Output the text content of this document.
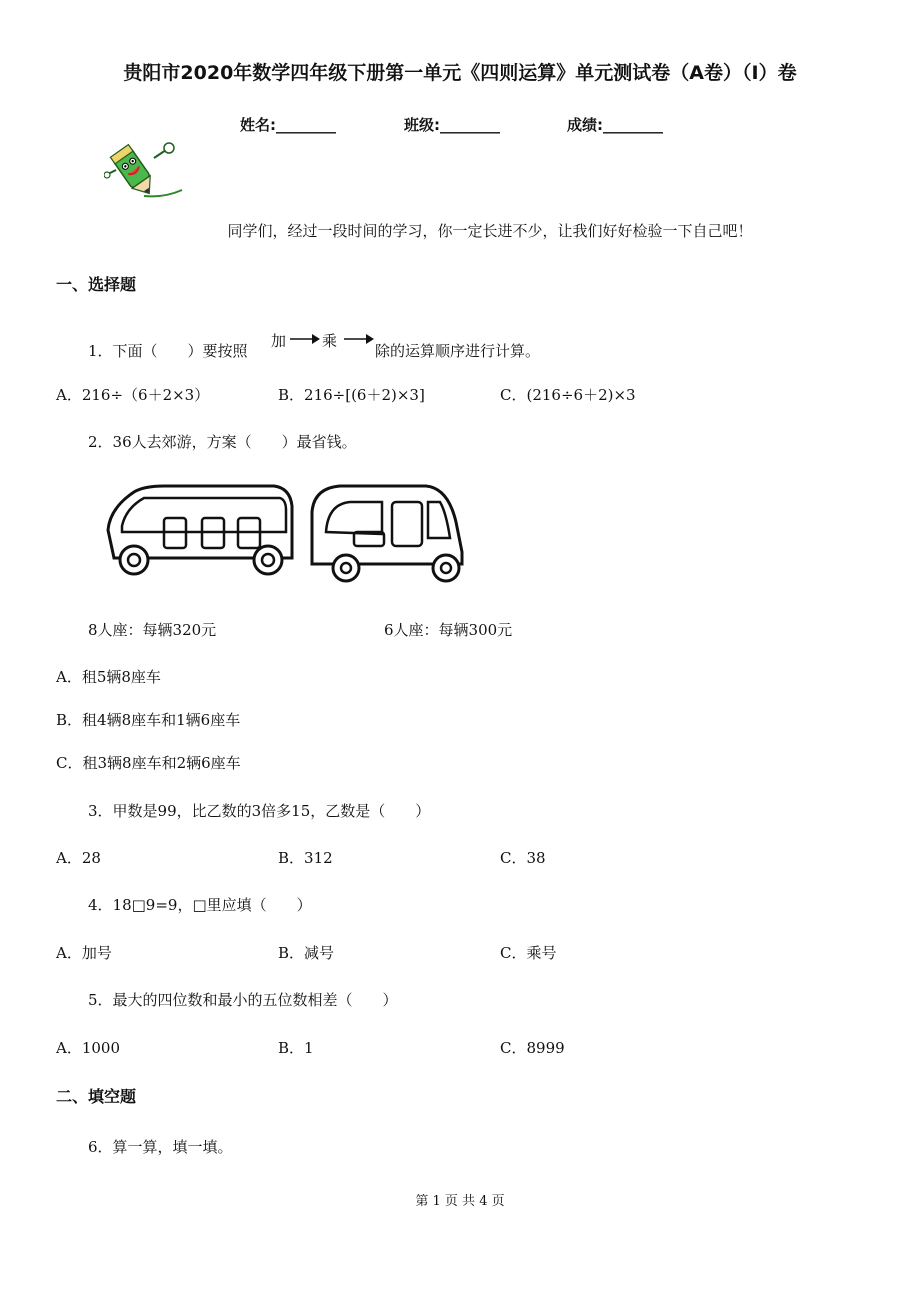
贵阳市2020年数学四年级下册第一单元《四则运算》单元测试卷（A卷）（I）卷
姓名:________	班级:________	成绩:________
同学们，经过一段时间的学习，你一定长进不少，让我们好好检验一下自己吧！
一、选择题
1．下面（　　）要按照
加 乘
除的运算顺序进行计算。
A．216÷（6＋2×3）	B．216÷[(6＋2)×3]	C．(216÷6＋2)×3
2．36人去郊游，方案（　　）最省钱。
8人座：每辆320元	6人座：每辆300元
A．租5辆8座车
B．租4辆8座车和1辆6座车
C．租3辆8座车和2辆6座车
3．甲数是99，比乙数的3倍多15，乙数是（　　）
A．28	B．312	C．38
4．18□9=9，□里应填（　　）
A．加号	B．减号	C．乘号
5．最大的四位数和最小的五位数相差（　　）
A．1000	B．1	C．8999
二、填空题
6．算一算，填一填。
第 1 页 共 4 页
